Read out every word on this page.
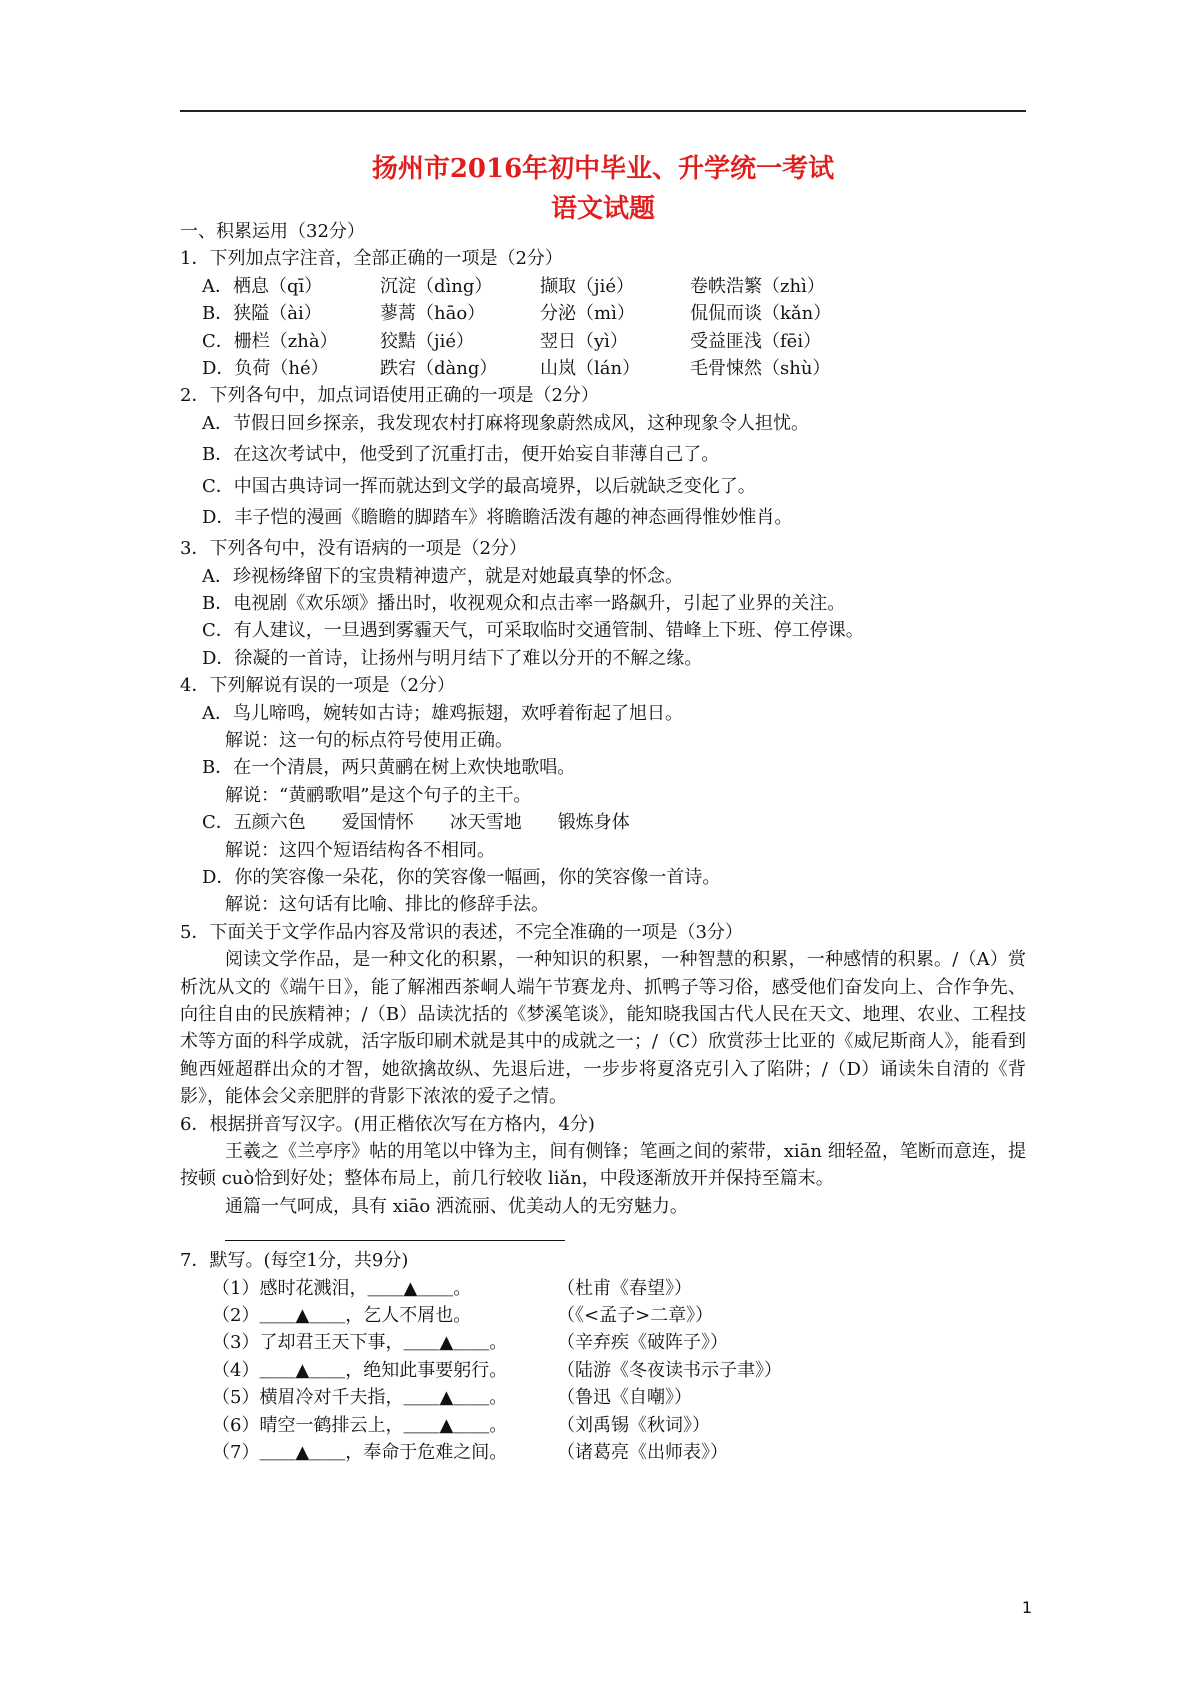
扬州市2016年初中毕业、升学统一考试
语文试题
一、积累运用（32分）
1．下列加点字注音，全部正确的一项是（2分）
A．栖息（qī）	沉淀（dìng）	撷取（jié）	卷帙浩繁（zhì）
B．狭隘（ài）	蓼蒿（hāo）	分泌（mì）	侃侃而谈（kǎn）
C．栅栏（zhà）	狡黠（jié）	翌日（yì）	受益匪浅（fēi）
D．负荷（hé）	跌宕（dàng）	山岚（lán）	毛骨悚然（shù）
2．下列各句中，加点词语使用正确的一项是（2分）
A．节假日回乡探亲，我发现农村打麻将现象蔚然成风，这种现象令人担忧。
B．在这次考试中，他受到了沉重打击，便开始妄自菲薄自己了。
C．中国古典诗词一挥而就达到文学的最高境界，以后就缺乏变化了。
D．丰子恺的漫画《瞻瞻的脚踏车》将瞻瞻活泼有趣的神态画得惟妙惟肖。
3．下列各句中，没有语病的一项是（2分）
A．珍视杨绛留下的宝贵精神遗产，就是对她最真挚的怀念。
B．电视剧《欢乐颂》播出时，收视观众和点击率一路飙升，引起了业界的关注。
C．有人建议，一旦遇到雾霾天气，可采取临时交通管制、错峰上下班、停工停课。
D．徐凝的一首诗，让扬州与明月结下了难以分开的不解之缘。
4．下列解说有误的一项是（2分）
A．鸟儿啼鸣，婉转如古诗；雄鸡振翅，欢呼着衔起了旭日。
解说：这一句的标点符号使用正确。
B．在一个清晨，两只黄鹂在树上欢快地歌唱。
解说：“黄鹂歌唱”是这个句子的主干。
C．五颜六色　　爱国情怀　　冰天雪地　　锻炼身体
解说：这四个短语结构各不相同。
D．你的笑容像一朵花，你的笑容像一幅画，你的笑容像一首诗。
解说：这句话有比喻、排比的修辞手法。
5．下面关于文学作品内容及常识的表述，不完全准确的一项是（3分）
阅读文学作品，是一种文化的积累，一种知识的积累，一种智慧的积累，一种感情的积累。/（A）赏析沈从文的《端午日》，能了解湘西茶峒人端午节赛龙舟、抓鸭子等习俗，感受他们奋发向上、合作争先、向往自由的民族精神；/（B）品读沈括的《梦溪笔谈》，能知晓我国古代人民在天文、地理、农业、工程技术等方面的科学成就，活字版印刷术就是其中的成就之一；/（C）欣赏莎士比亚的《威尼斯商人》，能看到鲍西娅超群出众的才智，她欲擒故纵、先退后进，一步步将夏洛克引入了陷阱；/（D）诵读朱自清的《背影》，能体会父亲肥胖的背影下浓浓的爱子之情。
6．根据拼音写汉字。(用正楷依次写在方格内，4分)
王羲之《兰亭序》帖的用笔以中锋为主，间有侧锋；笔画之间的萦带，xiān 细轻盈，笔断而意连，提按顿 cuò恰到好处；整体布局上，前几行较收 liǎn，中段逐渐放开并保持至篇末。
通篇一气呵成，具有 xiāo 洒流丽、优美动人的无穷魅力。
7．默写。(每空1分，共9分)
（1）感时花溅泪，＿＿▲＿＿。	（杜甫《春望》）
（2）＿＿▲＿＿，乞人不屑也。	（《<孟子>二章》）
（3）了却君王天下事，＿＿▲＿＿。	（辛弃疾《破阵子》）
（4）＿＿▲＿＿，绝知此事要躬行。	（陆游《冬夜读书示子聿》）
（5）横眉冷对千夫指，＿＿▲＿＿。	（鲁迅《自嘲》）
（6）晴空一鹤排云上，＿＿▲＿＿。	（刘禹锡《秋词》）
（7）＿＿▲＿＿，奉命于危难之间。	（诸葛亮《出师表》）
1
